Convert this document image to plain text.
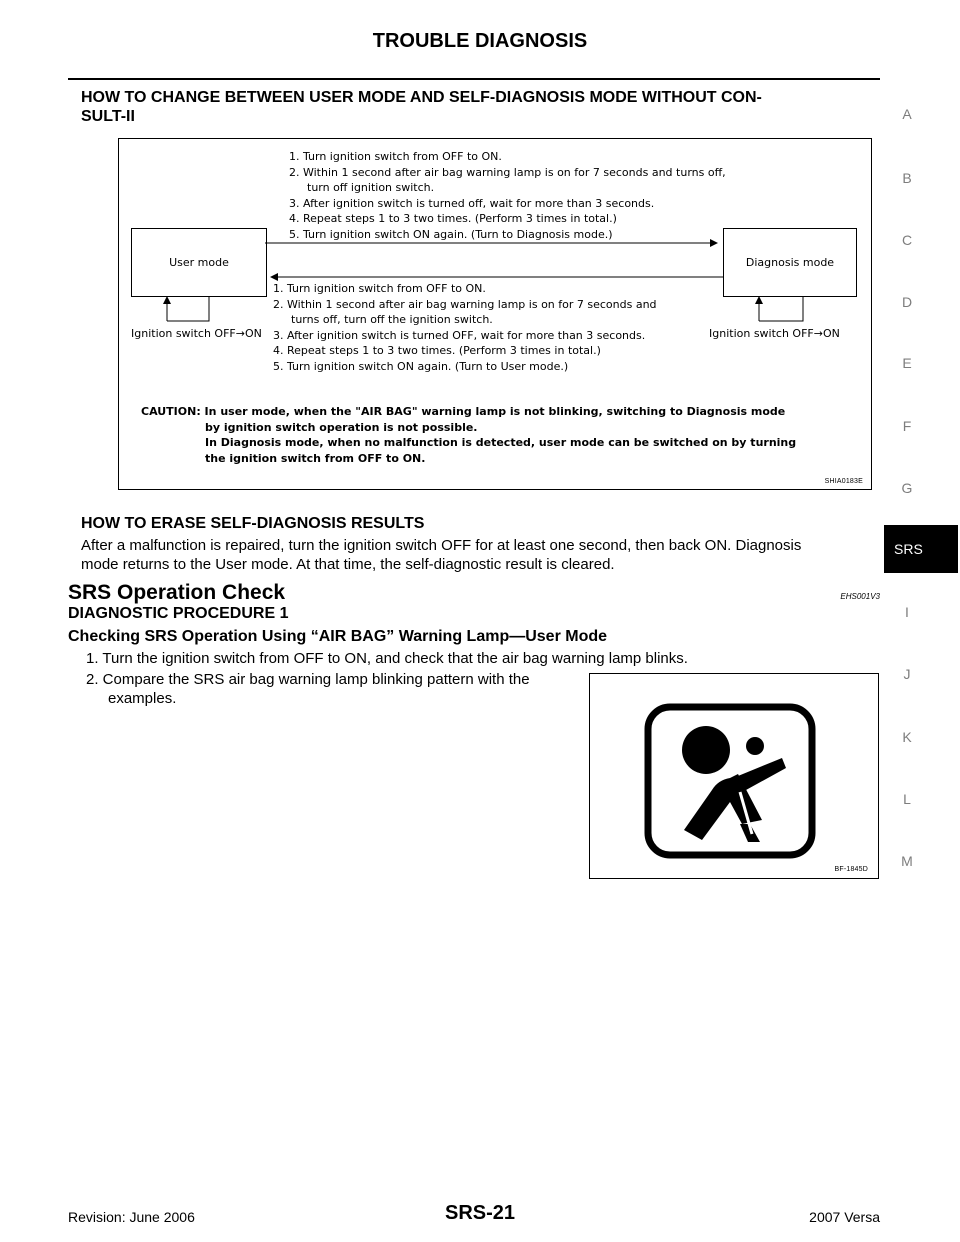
TROUBLE DIAGNOSIS
HOW TO CHANGE BETWEEN USER MODE AND SELF-DIAGNOSIS MODE WITHOUT CON-
SULT-II
1. Turn ignition switch from OFF to ON.
2. Within 1 second after air bag warning lamp is on for 7 seconds and turns off,
turn off ignition switch.
3. After ignition switch is turned off, wait for more than 3 seconds.
4. Repeat steps 1 to 3 two times. (Perform 3 times in total.)
5. Turn ignition switch ON again. (Turn to Diagnosis mode.)
User mode	Diagnosis mode
Ignition switch OFF→ON	Ignition switch OFF→ON
1. Turn ignition switch from OFF to ON.
2. Within 1 second after air bag warning lamp is on for 7 seconds and
turns off, turn off the ignition switch.
3. After ignition switch is turned OFF, wait for more than 3 seconds.
4. Repeat steps 1 to 3 two times. (Perform 3 times in total.)
5. Turn ignition switch ON again. (Turn to User mode.)
CAUTION: In user mode, when the "AIR BAG" warning lamp is not blinking, switching to Diagnosis mode
by ignition switch operation is not possible.
In Diagnosis mode, when no malfunction is detected, user mode can be switched on by turning
the ignition switch from OFF to ON.
SHIA0183E
HOW TO ERASE SELF-DIAGNOSIS RESULTS
After a malfunction is repaired, turn the ignition switch OFF for at least one second, then back ON. Diagnosis
mode returns to the User mode. At that time, the self-diagnostic result is cleared.
SRS Operation Check	EHS001V3
DIAGNOSTIC PROCEDURE 1
Checking SRS Operation Using “AIR BAG” Warning Lamp—User Mode
1. Turn the ignition switch from OFF to ON, and check that the air bag warning lamp blinks.
2. Compare the SRS air bag warning lamp blinking pattern with the
examples.
BF-1845D
A
B
C
D
E
F
G
SRS
I
J
K
L
M
Revision: June 2006	SRS-21	2007 Versa
